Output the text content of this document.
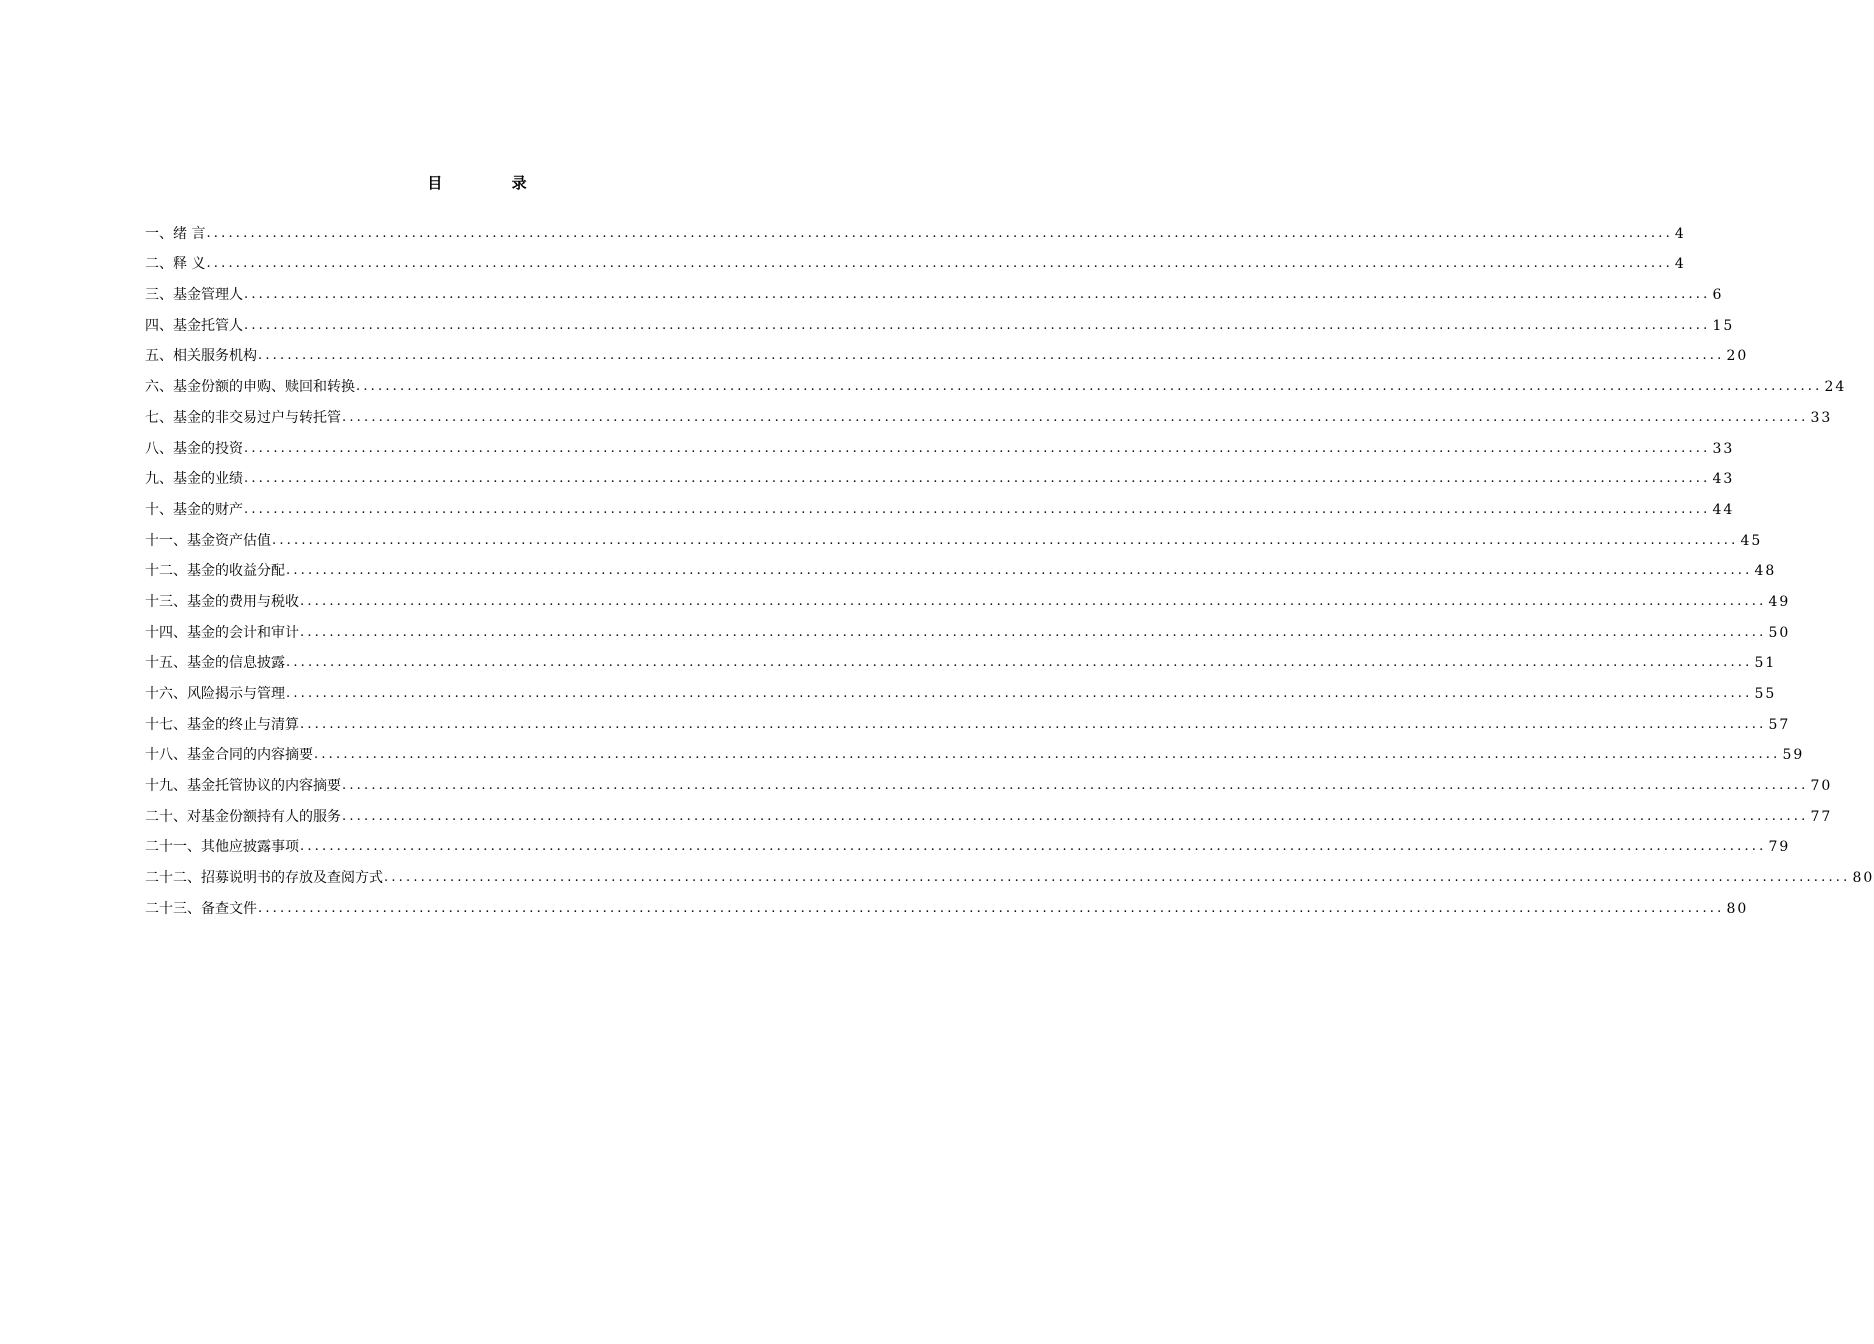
目 录
一、绪 言 ........................................................................................................................................................................................................ 4
二、释 义 ........................................................................................................................................................................................................ 4
三、基金管理人 ........................................................................................................................................................................................................ 6
四、基金托管人 ........................................................................................................................................................................................................ 15
五、相关服务机构 ........................................................................................................................................................................................................ 20
六、基金份额的申购、赎回和转换 ........................................................................................................................................................................................................ 24
七、基金的非交易过户与转托管 ........................................................................................................................................................................................................ 33
八、基金的投资 ........................................................................................................................................................................................................ 33
九、基金的业绩 ........................................................................................................................................................................................................ 43
十、基金的财产 ........................................................................................................................................................................................................ 44
十一、基金资产估值 ........................................................................................................................................................................................................ 45
十二、基金的收益分配 ........................................................................................................................................................................................................ 48
十三、基金的费用与税收 ........................................................................................................................................................................................................ 49
十四、基金的会计和审计 ........................................................................................................................................................................................................ 50
十五、基金的信息披露 ........................................................................................................................................................................................................ 51
十六、风险揭示与管理 ........................................................................................................................................................................................................ 55
十七、基金的终止与清算 ........................................................................................................................................................................................................ 57
十八、基金合同的内容摘要 ........................................................................................................................................................................................................ 59
十九、基金托管协议的内容摘要 ........................................................................................................................................................................................................ 70
二十、对基金份额持有人的服务 ........................................................................................................................................................................................................ 77
二十一、其他应披露事项 ........................................................................................................................................................................................................ 79
二十二、招募说明书的存放及查阅方式 ........................................................................................................................................................................................................ 80
二十三、备查文件 ........................................................................................................................................................................................................ 80
